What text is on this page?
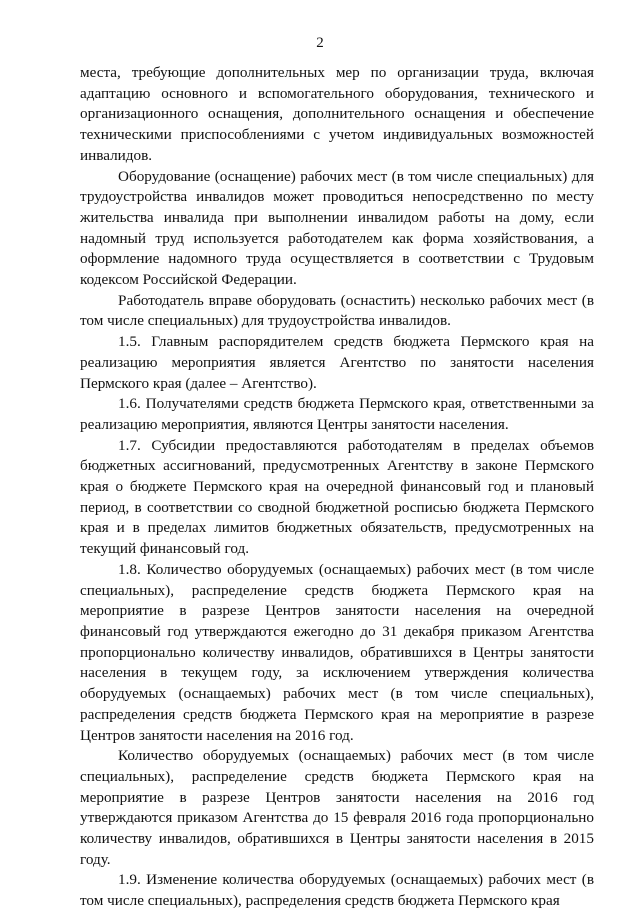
2

места, требующие дополнительных мер по организации труда, включая адаптацию основного и вспомогательного оборудования, технического и организационного оснащения, дополнительного оснащения и обеспечение техническими приспособлениями с учетом индивидуальных возможностей инвалидов.

Оборудование (оснащение) рабочих мест (в том числе специальных) для трудоустройства инвалидов может проводиться непосредственно по месту жительства инвалида при выполнении инвалидом работы на дому, если надомный труд используется работодателем как форма хозяйствования, а оформление надомного труда осуществляется в соответствии с Трудовым кодексом Российской Федерации.

Работодатель вправе оборудовать (оснастить) несколько рабочих мест (в том числе специальных) для трудоустройства инвалидов.

1.5. Главным распорядителем средств бюджета Пермского края на реализацию мероприятия является Агентство по занятости населения Пермского края (далее – Агентство).

1.6. Получателями средств бюджета Пермского края, ответственными за реализацию мероприятия, являются Центры занятости населения.

1.7. Субсидии предоставляются работодателям в пределах объемов бюджетных ассигнований, предусмотренных Агентству в законе Пермского края о бюджете Пермского края на очередной финансовый год и плановый период, в соответствии со сводной бюджетной росписью бюджета Пермского края и в пределах лимитов бюджетных обязательств, предусмотренных на текущий финансовый год.

1.8. Количество оборудуемых (оснащаемых) рабочих мест (в том числе специальных), распределение средств бюджета Пермского края на мероприятие в разрезе Центров занятости населения на очередной финансовый год утверждаются ежегодно до 31 декабря приказом Агентства пропорционально количеству инвалидов, обратившихся в Центры занятости населения в текущем году, за исключением утверждения количества оборудуемых (оснащаемых) рабочих мест (в том числе специальных), распределения средств бюджета Пермского края на мероприятие в разрезе Центров занятости населения на 2016 год.

Количество оборудуемых (оснащаемых) рабочих мест (в том числе специальных), распределение средств бюджета Пермского края на мероприятие в разрезе Центров занятости населения на 2016 год утверждаются приказом Агентства до 15 февраля 2016 года пропорционально количеству инвалидов, обратившихся в Центры занятости населения в 2015 году.

1.9. Изменение количества оборудуемых (оснащаемых) рабочих мест (в том числе специальных), распределения средств бюджета Пермского края
